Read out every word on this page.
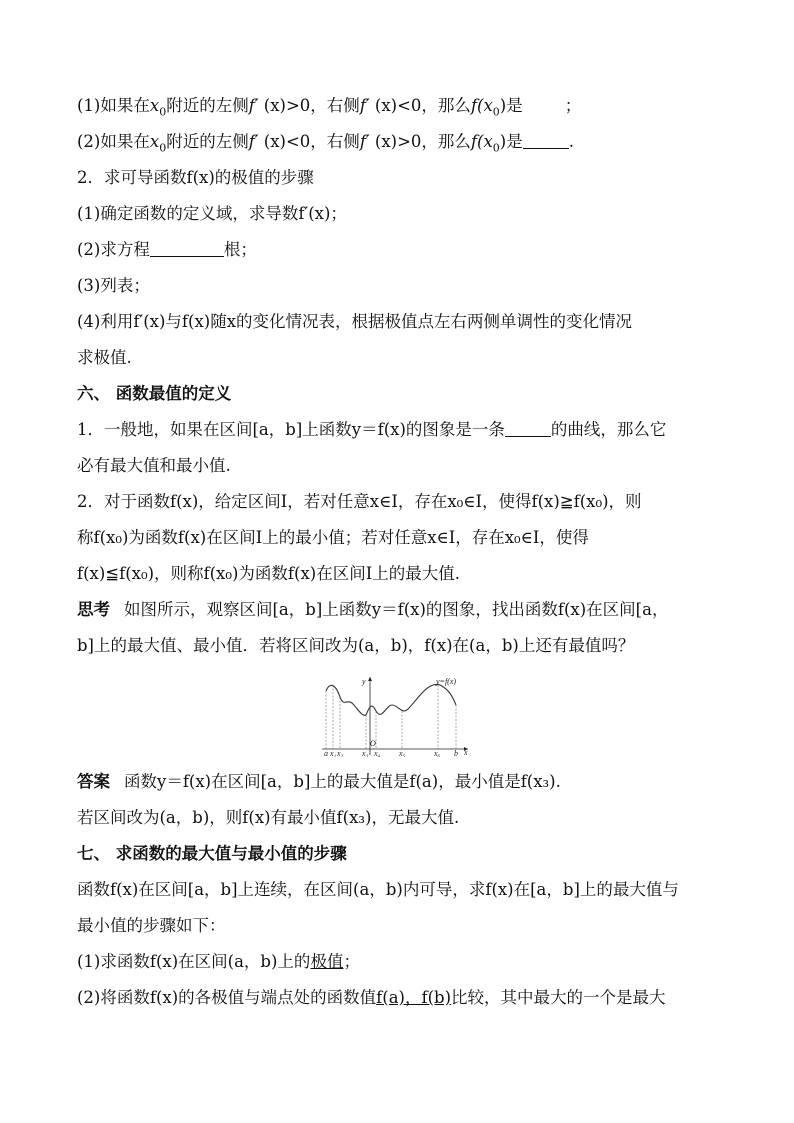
(1)如果在$x_0$附近的左侧f′ (x)>0，右侧f′ (x)<0，那么$f(x_0)$是	；
(2)如果在$x_0$附近的左侧f′ (x)<0，右侧f′ (x)>0，那么$f(x_0)$是	.
2．求可导函数f(x)的极值的步骤
(1)确定函数的定义域，求导数f′(x)；
(2)求方程	根；
(3)列表；
(4)利用f′(x)与f(x)随x的变化情况表，根据极值点左右两侧单调性的变化情况
求极值.
六、 函数最值的定义
1．一般地，如果在区间[a，b]上函数y＝f(x)的图象是一条	的曲线，那么它
必有最大值和最小值.
2．对于函数f(x)，给定区间I，若对任意x∈I，存在x₀∈I，使得f(x)≧f(x₀)，则
称f(x₀)为函数f(x)在区间I上的最小值；若对任意x∈I，存在x₀∈I，使得
f(x)≦f(x₀)，则称f(x₀)为函数f(x)在区间I上的最大值.
思考 如图所示，观察区间[a，b]上函数y＝f(x)的图象，找出函数f(x)在区间[a，
b]上的最大值、最小值．若将区间改为(a，b)，f(x)在(a，b)上还有最值吗？
y=f(x)
y
x
O
a x₁ x₂ x₃ x₄ x₅	x₆ b
答案 函数y＝f(x)在区间[a，b]上的最大值是f(a)，最小值是f(x₃).
若区间改为(a，b)，则f(x)有最小值f(x₃)，无最大值.
七、 求函数的最大值与最小值的步骤
函数f(x)在区间[a，b]上连续，在区间(a，b)内可导，求f(x)在[a，b]上的最大值与
最小值的步骤如下：
(1)求函数f(x)在区间(a，b)上的极值；
(2)将函数f(x)的各极值与端点处的函数值f(a)，f(b)比较，其中最大的一个是最大
